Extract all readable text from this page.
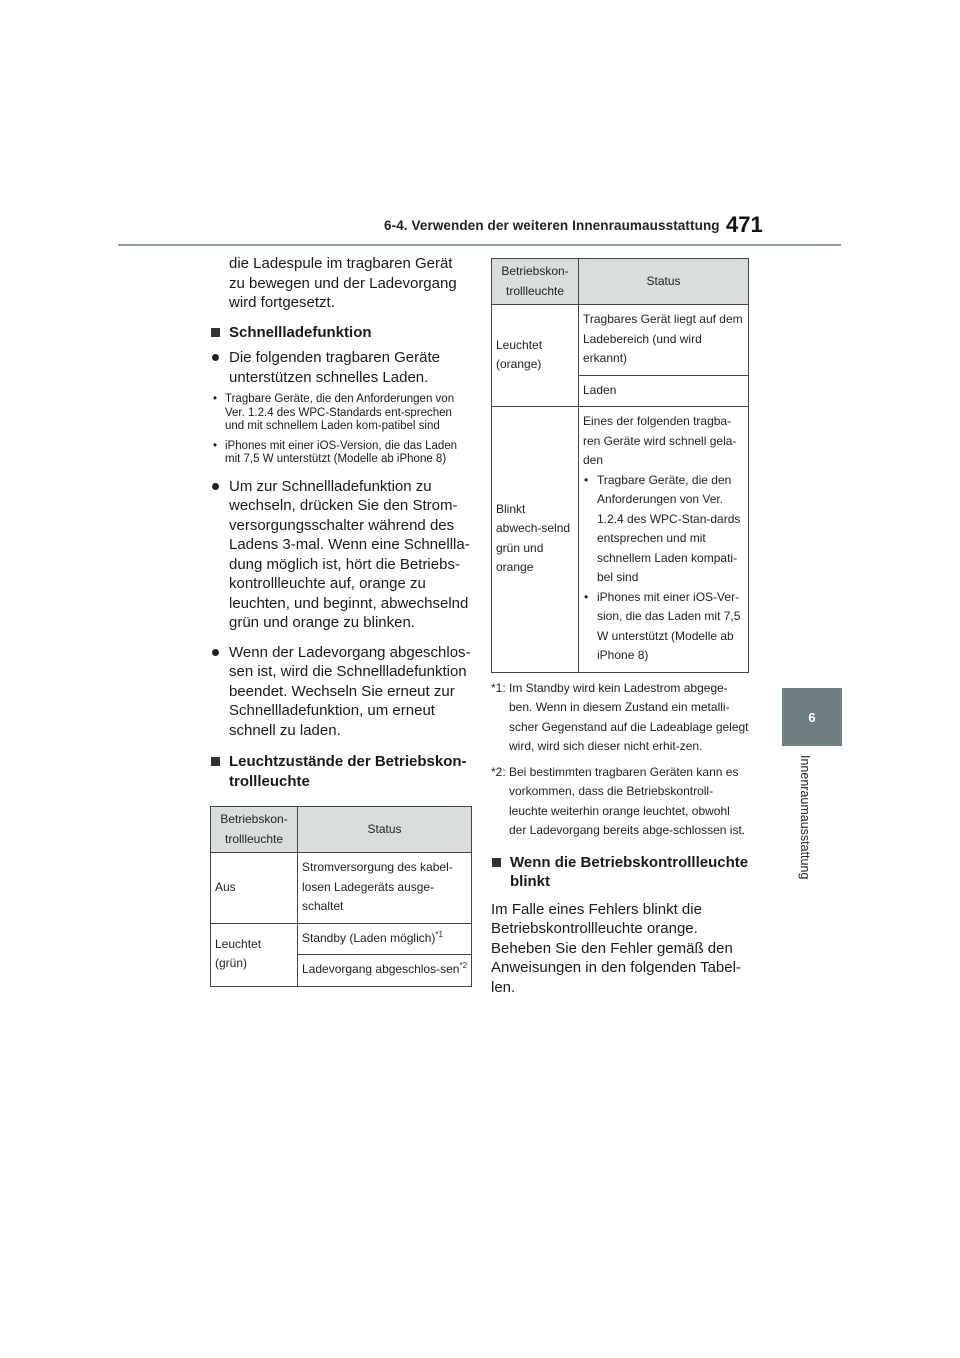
6-4. Verwenden der weiteren Innenraumausstattung 471
6
Innenraumausstattung
die Ladespule im tragbaren Gerät zu bewegen und der Ladevorgang wird fortgesetzt.
Schnellladefunktion
Die folgenden tragbaren Geräte unterstützen schnelles Laden.
• Tragbare Geräte, die den Anforderungen von Ver. 1.2.4 des WPC-Standards ent-sprechen und mit schnellem Laden kom-patibel sind
• iPhones mit einer iOS-Version, die das Laden mit 7,5 W unterstützt (Modelle ab iPhone 8)
Um zur Schnellladefunktion zu wechseln, drücken Sie den Strom-versorgungsschalter während des Ladens 3-mal. Wenn eine Schnellla-dung möglich ist, hört die Betriebs-kontrollleuchte auf, orange zu leuchten, und beginnt, abwechselnd grün und orange zu blinken.
Wenn der Ladevorgang abgeschlos-sen ist, wird die Schnellladefunktion beendet. Wechseln Sie erneut zur Schnellladefunktion, um erneut schnell zu laden.
Leuchtzustände der Betriebskon-trollleuchte
Betriebskon-trollleuchte	Status
Aus	Stromversorgung des kabel-losen Ladegeräts ausge-schaltet
Leuchtet (grün)	Standby (Laden möglich)$^{*1}$
	Ladevorgang abgeschlos-sen$^{*2}$
Betriebskon-trollleuchte	Status
Leuchtet (orange)	Tragbares Gerät liegt auf dem Ladebereich (und wird erkannt)
	Laden
Blinkt abwech-selnd grün und orange	Eines der folgenden tragba-ren Geräte wird schnell gela-den
• Tragbare Geräte, die den Anforderungen von Ver. 1.2.4 des WPC-Stan-dards entsprechen und mit schnellem Laden kompati-bel sind
• iPhones mit einer iOS-Ver-sion, die das Laden mit 7,5 W unterstützt (Modelle ab iPhone 8)
*1: Im Standby wird kein Ladestrom abgege-ben. Wenn in diesem Zustand ein metalli-scher Gegenstand auf die Ladeablage gelegt wird, wird sich dieser nicht erhit-zen.
*2: Bei bestimmten tragbaren Geräten kann es vorkommen, dass die Betriebskontroll-leuchte weiterhin orange leuchtet, obwohl der Ladevorgang bereits abge-schlossen ist.
Wenn die Betriebskontrollleuchte blinkt
Im Falle eines Fehlers blinkt die Betriebskontrollleuchte orange. Beheben Sie den Fehler gemäß den Anweisungen in den folgenden Tabel-len.
